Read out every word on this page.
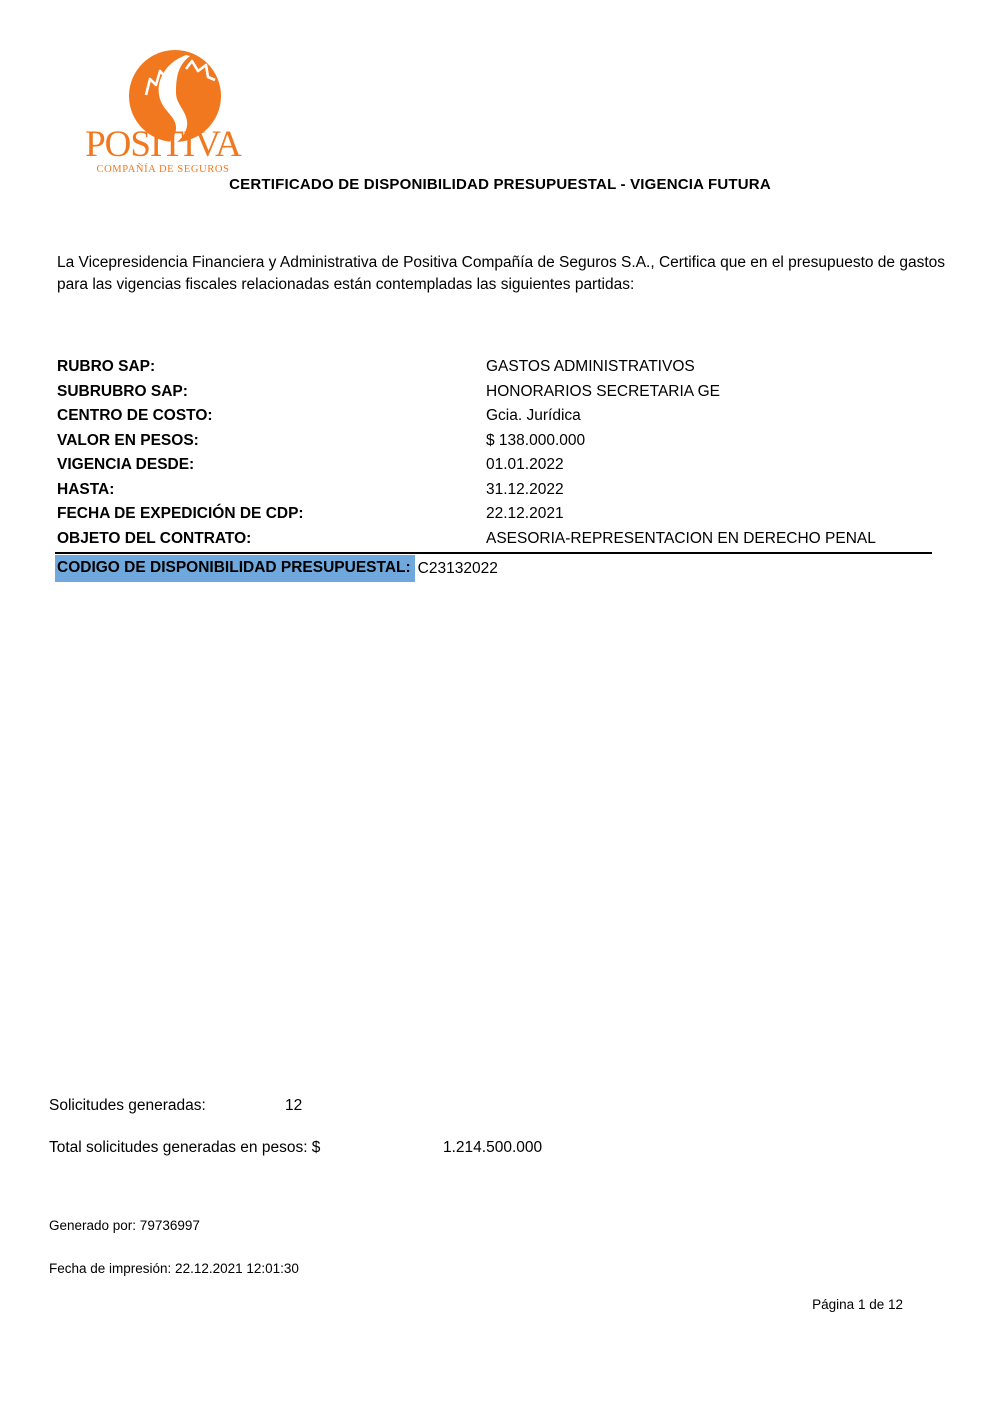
POSITIVA
COMPAÑÍA DE SEGUROS
CERTIFICADO DE DISPONIBILIDAD PRESUPUESTAL - VIGENCIA FUTURA

La Vicepresidencia Financiera y Administrativa de Positiva Compañía de Seguros S.A., Certifica que en el presupuesto de gastos para las vigencias fiscales relacionadas están contempladas las siguientes partidas:

RUBRO SAP:	GASTOS ADMINISTRATIVOS
SUBRUBRO SAP:	HONORARIOS SECRETARIA GE
CENTRO DE COSTO:	Gcia. Jurídica
VALOR EN PESOS:	$ 138.000.000
VIGENCIA DESDE:	01.01.2022
HASTA:	31.12.2022
FECHA DE EXPEDICIÓN DE CDP:	22.12.2021
OBJETO DEL CONTRATO:	ASESORIA-REPRESENTACION EN DERECHO PENAL
CODIGO DE DISPONIBILIDAD PRESUPUESTAL: C23132022
Solicitudes generadas:	12
Total solicitudes generadas en pesos: $	1.214.500.000
Generado por: 79736997
Fecha de impresión: 22.12.2021 12:01:30
Página 1 de 12
